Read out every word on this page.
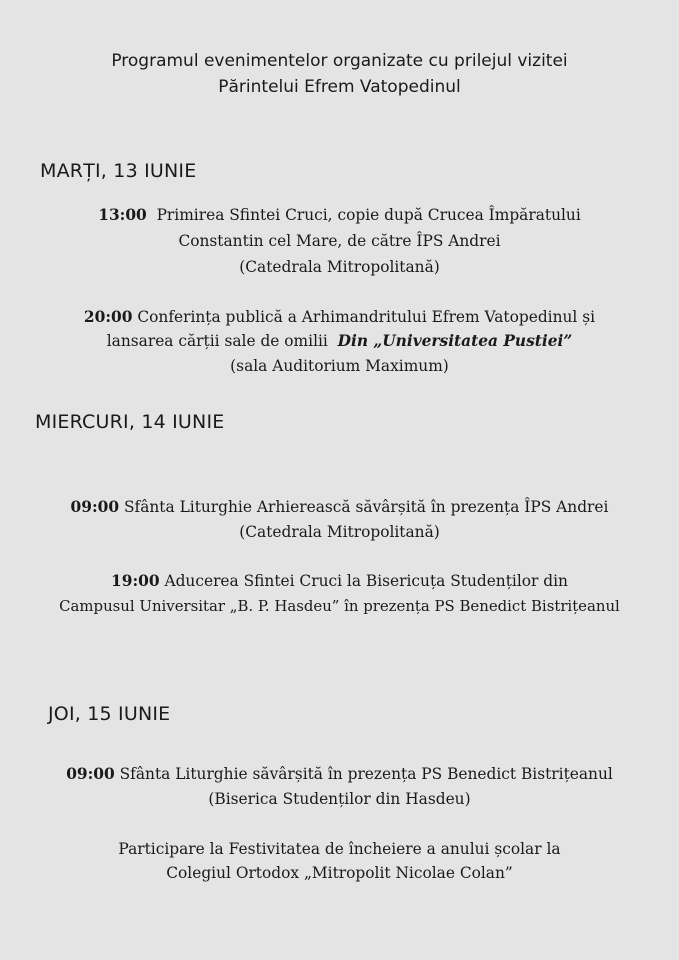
Programul evenimentelor organizate cu prilejul vizitei
Părintelui Efrem Vatopedinul
MARȚI, 13 IUNIE
13:00 Primirea Sfintei Cruci, copie după Crucea Împăratului
Constantin cel Mare, de către ÎPS Andrei
(Catedrala Mitropolitană)
20:00 Conferința publică a Arhimandritului Efrem Vatopedinul și
lansarea cărții sale de omilii Din „Universitatea Pustiei”
(sala Auditorium Maximum)
MIERCURI, 14 IUNIE
09:00 Sfânta Liturghie Arhierească săvârșită în prezența ÎPS Andrei
(Catedrala Mitropolitană)
19:00 Aducerea Sfintei Cruci la Bisericuța Studenților din
Campusul Universitar „B. P. Hasdeu” în prezența PS Benedict Bistrițeanul
JOI, 15 IUNIE
09:00 Sfânta Liturghie săvârșită în prezența PS Benedict Bistrițeanul
(Biserica Studenților din Hasdeu)
Participare la Festivitatea de încheiere a anului școlar la
Colegiul Ortodox „Mitropolit Nicolae Colan”
